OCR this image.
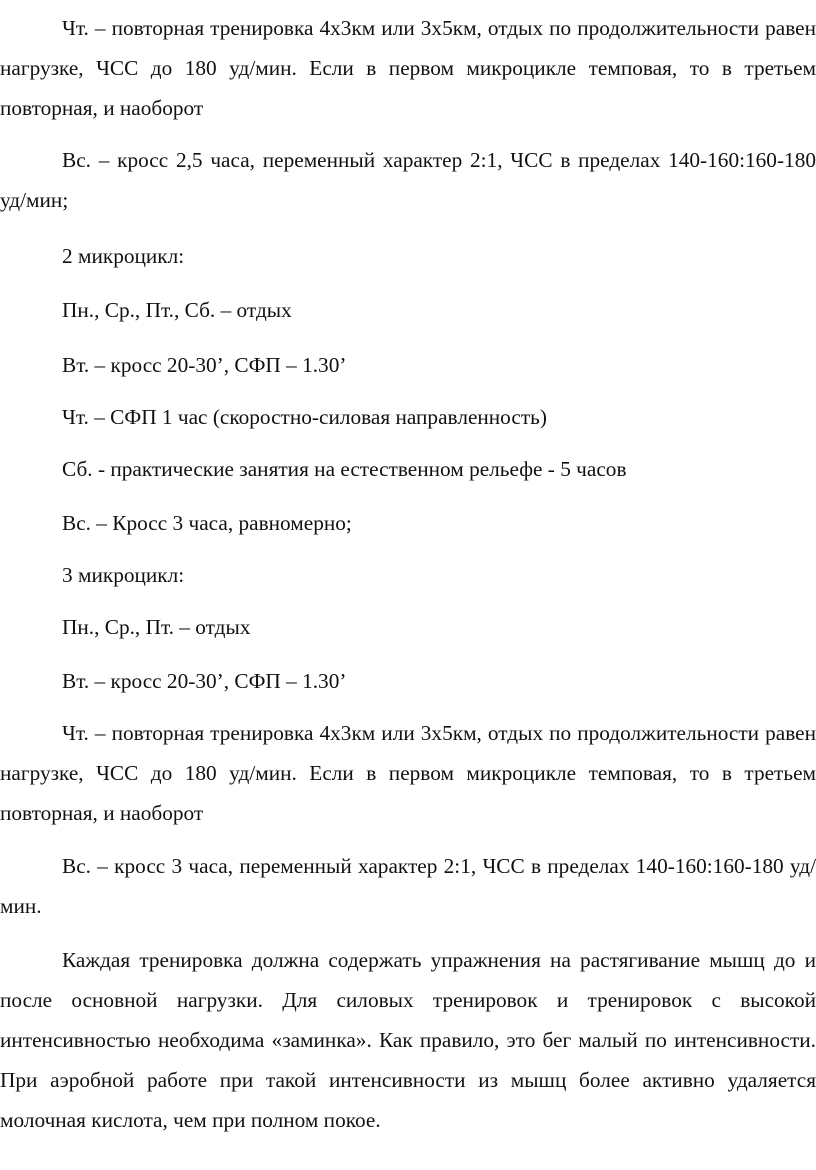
Чт. – повторная тренировка 4х3км или 3х5км, отдых по продолжительности равен нагрузке, ЧСС до 180 уд/мин. Если в первом микроцикле темповая, то в третьем повторная, и наоборот

Вс. – кросс 2,5 часа, переменный характер 2:1, ЧСС в пределах 140-160:160-180 уд/мин;

2 микроцикл:

Пн., Ср., Пт., Сб. – отдых

Вт. – кросс 20-30’, СФП – 1.30’

Чт. – СФП 1 час (скоростно-силовая направленность)

Сб. - практические занятия на естественном рельефе - 5 часов

Вс. – Кросс 3 часа, равномерно;

3 микроцикл:

Пн., Ср., Пт. – отдых

Вт. – кросс 20-30’, СФП – 1.30’

Чт. – повторная тренировка 4х3км или 3х5км, отдых по продолжительности равен нагрузке, ЧСС до 180 уд/мин. Если в первом микроцикле темповая, то в третьем повторная, и наоборот

Вс. – кросс 3 часа, переменный характер 2:1, ЧСС в пределах 140-160:160-180 уд/мин.

Каждая тренировка должна содержать упражнения на растягивание мышц до и после основной нагрузки. Для силовых тренировок и тренировок с высокой интенсивностью необходима «заминка». Как правило, это бег малый по интенсивности. При аэробной работе при такой интенсивности из мышц более активно удаляется молочная кислота, чем при полном покое.
